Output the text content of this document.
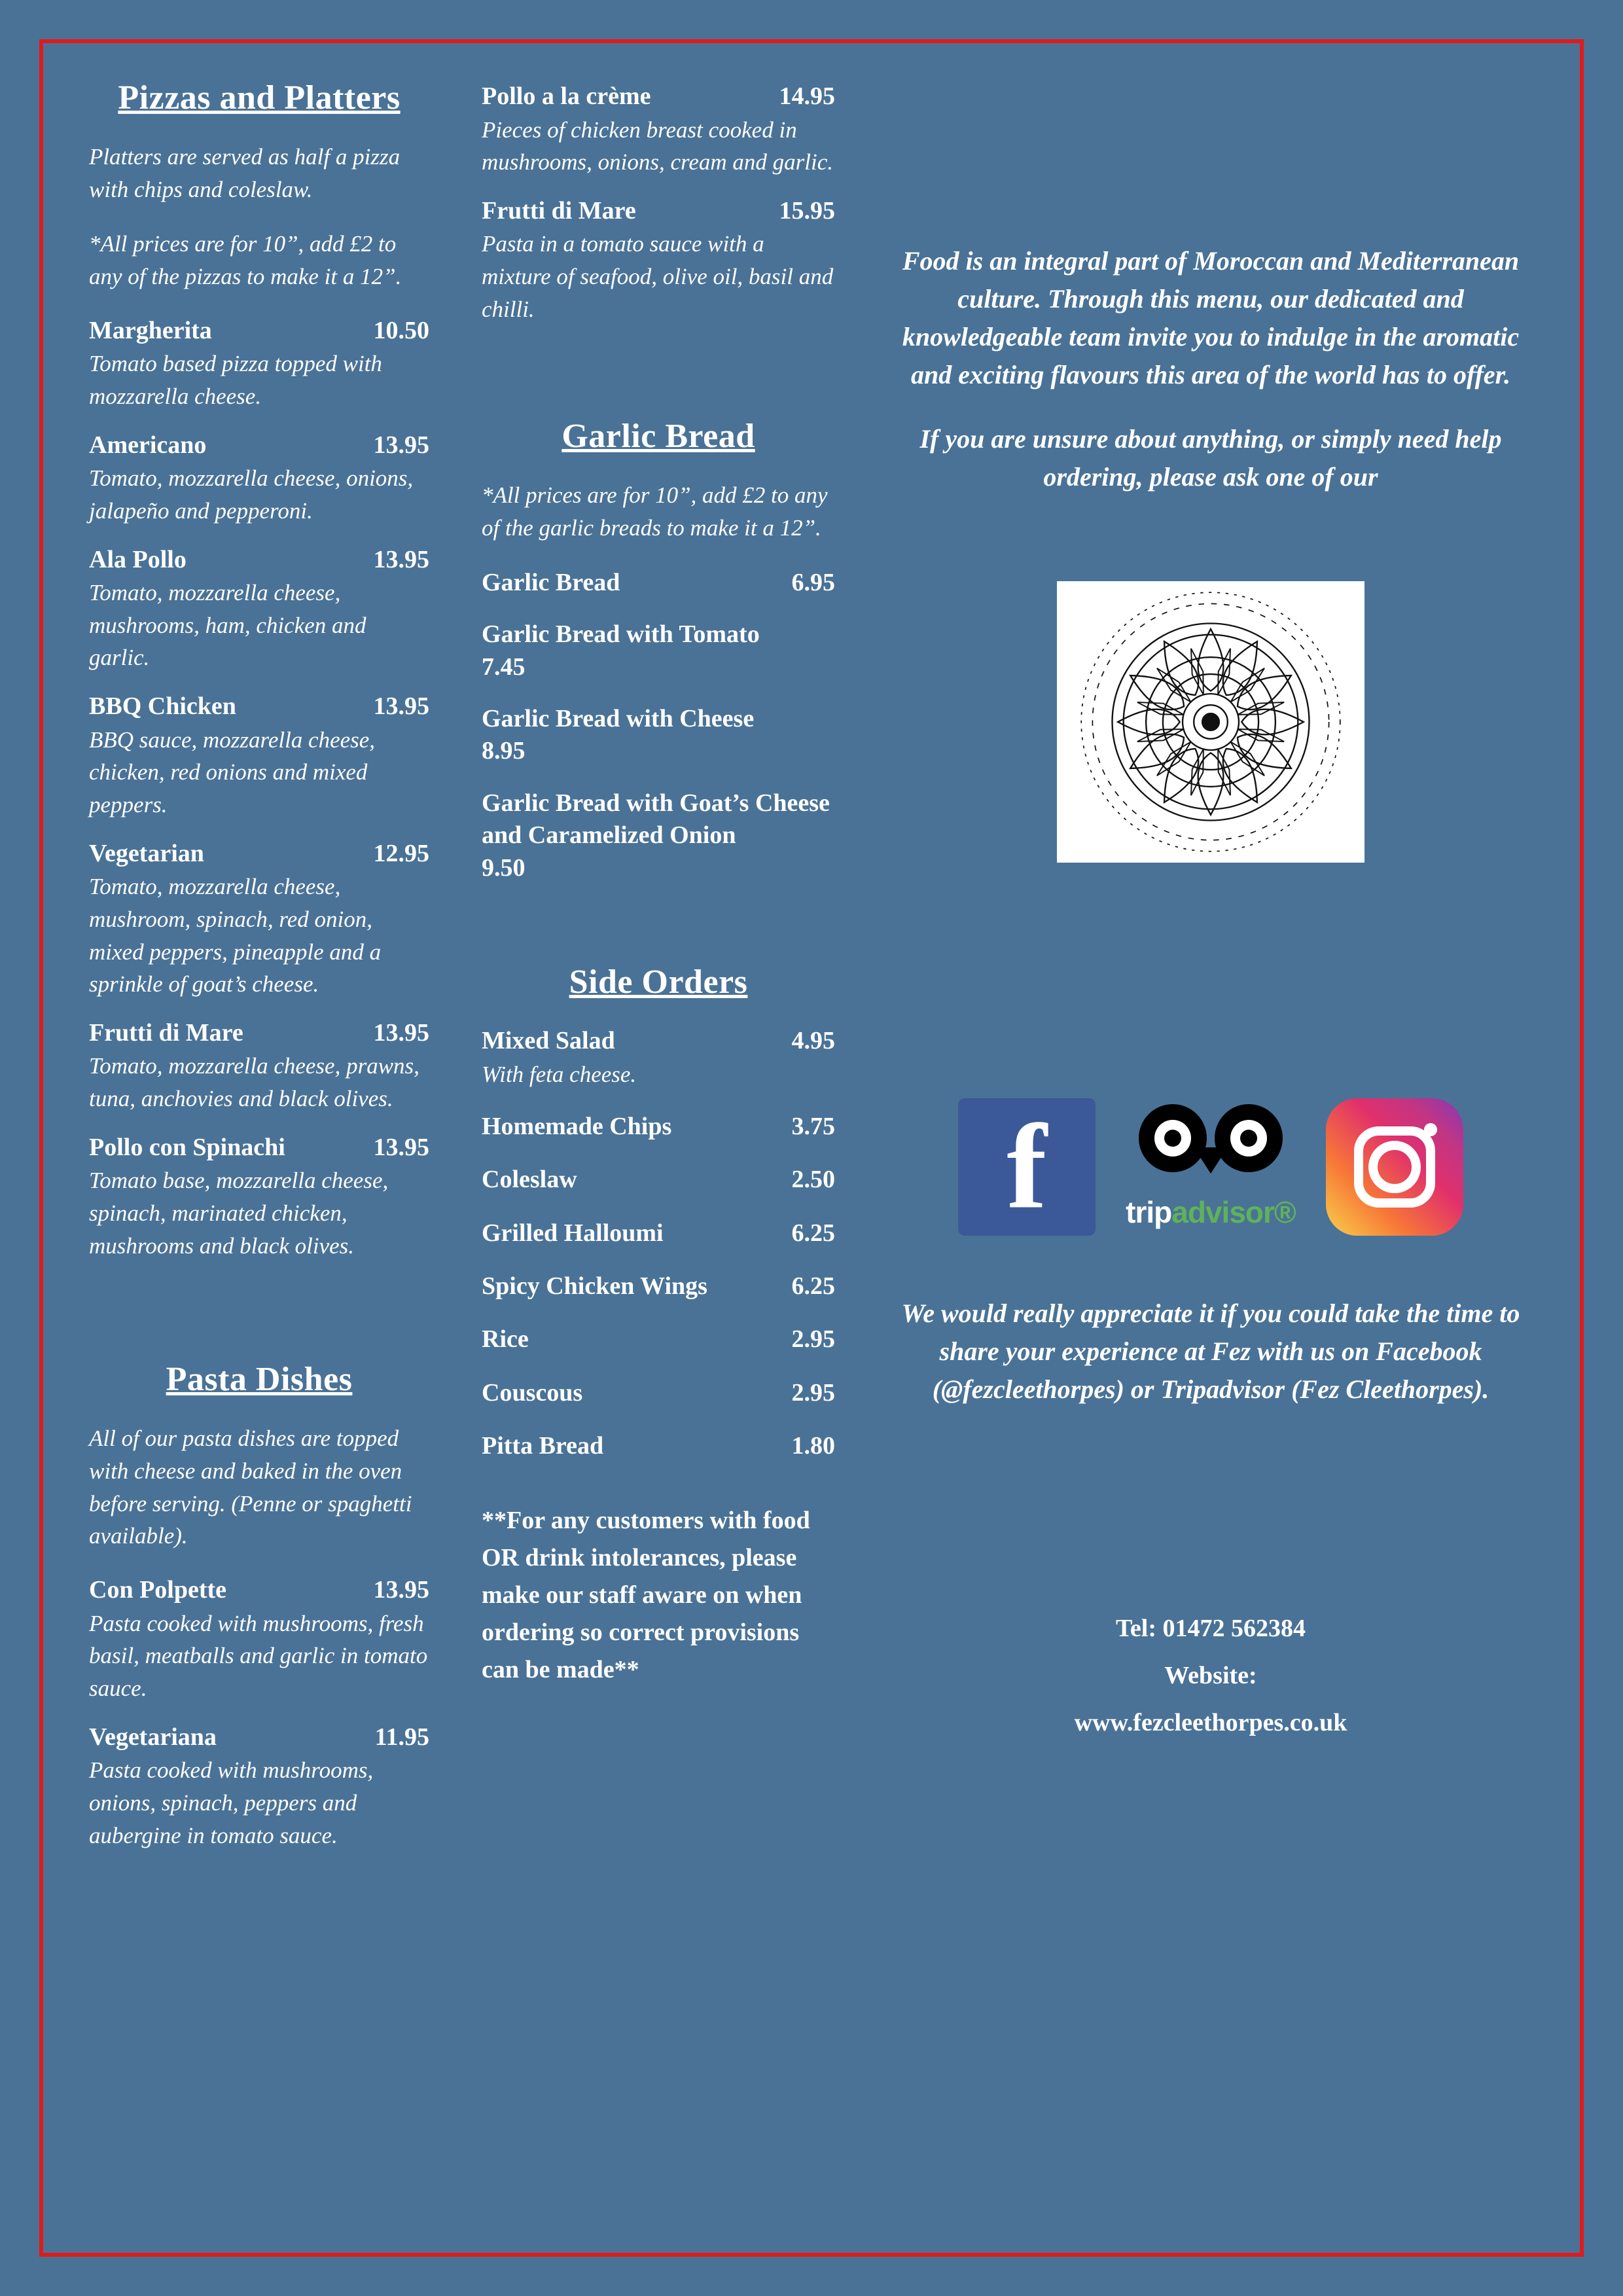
Pizzas and Platters

Platters are served as half a pizza with chips and coleslaw.

*All prices are for 10”, add £2 to any of the pizzas to make it a 12”.

Margherita	10.50

Tomato based pizza topped with mozzarella cheese.

Americano	13.95

Tomato, mozzarella cheese, onions, jalapeño and pepperoni.

Ala Pollo	13.95

Tomato, mozzarella cheese, mushrooms, ham, chicken and garlic.

BBQ Chicken	13.95

BBQ sauce, mozzarella cheese, chicken, red onions and mixed peppers.

Vegetarian	12.95

Tomato, mozzarella cheese, mushroom, spinach, red onion, mixed peppers, pineapple and a sprinkle of goat’s cheese.

Frutti di Mare	13.95

Tomato, mozzarella cheese, prawns, tuna, anchovies and black olives.

Pollo con Spinachi	13.95

Tomato base, mozzarella cheese, spinach, marinated chicken, mushrooms and black olives.

Pasta Dishes

All of our pasta dishes are topped with cheese and baked in the oven before serving. (Penne or spaghetti available).

Con Polpette	13.95

Pasta cooked with mushrooms, fresh basil, meatballs and garlic in tomato sauce.

Vegetariana	11.95

Pasta cooked with mushrooms, onions, spinach, peppers and aubergine in tomato sauce.

Pollo a la crème	14.95

Pieces of chicken breast cooked in mushrooms, onions, cream and garlic.

Frutti di Mare	15.95

Pasta in a tomato sauce with a mixture of seafood, olive oil, basil and chilli.

Garlic Bread

*All prices are for 10”, add £2 to any of the garlic breads to make it a 12”.

Garlic Bread	6.95
Garlic Bread with Tomato
7.45
Garlic Bread with Cheese
8.95
Garlic Bread with Goat’s Cheese and Caramelized Onion
9.50
Side Orders
Mixed Salad
With feta cheese.
4.95
Homemade Chips	3.75
Coleslaw	2.50
Grilled Halloumi	6.25
Spicy Chicken Wings	6.25
Rice	2.95
Couscous	2.95
Pitta Bread	1.80

**For any customers with food OR drink intolerances, please make our staff aware on when ordering so correct provisions can be made**

Food is an integral part of Moroccan and Mediterranean culture. Through this menu, our dedicated and knowledgeable team invite you to indulge in the aromatic and exciting flavours this area of the world has to offer.

If you are unsure about anything, or simply need help ordering, please ask one of our

f	tripadvisor®

We would really appreciate it if you could take the time to share your experience at Fez with us on Facebook (@fezcleethorpes) or Tripadvisor (Fez Cleethorpes).

Tel: 01472 562384
Website:
www.fezcleethorpes.co.uk
